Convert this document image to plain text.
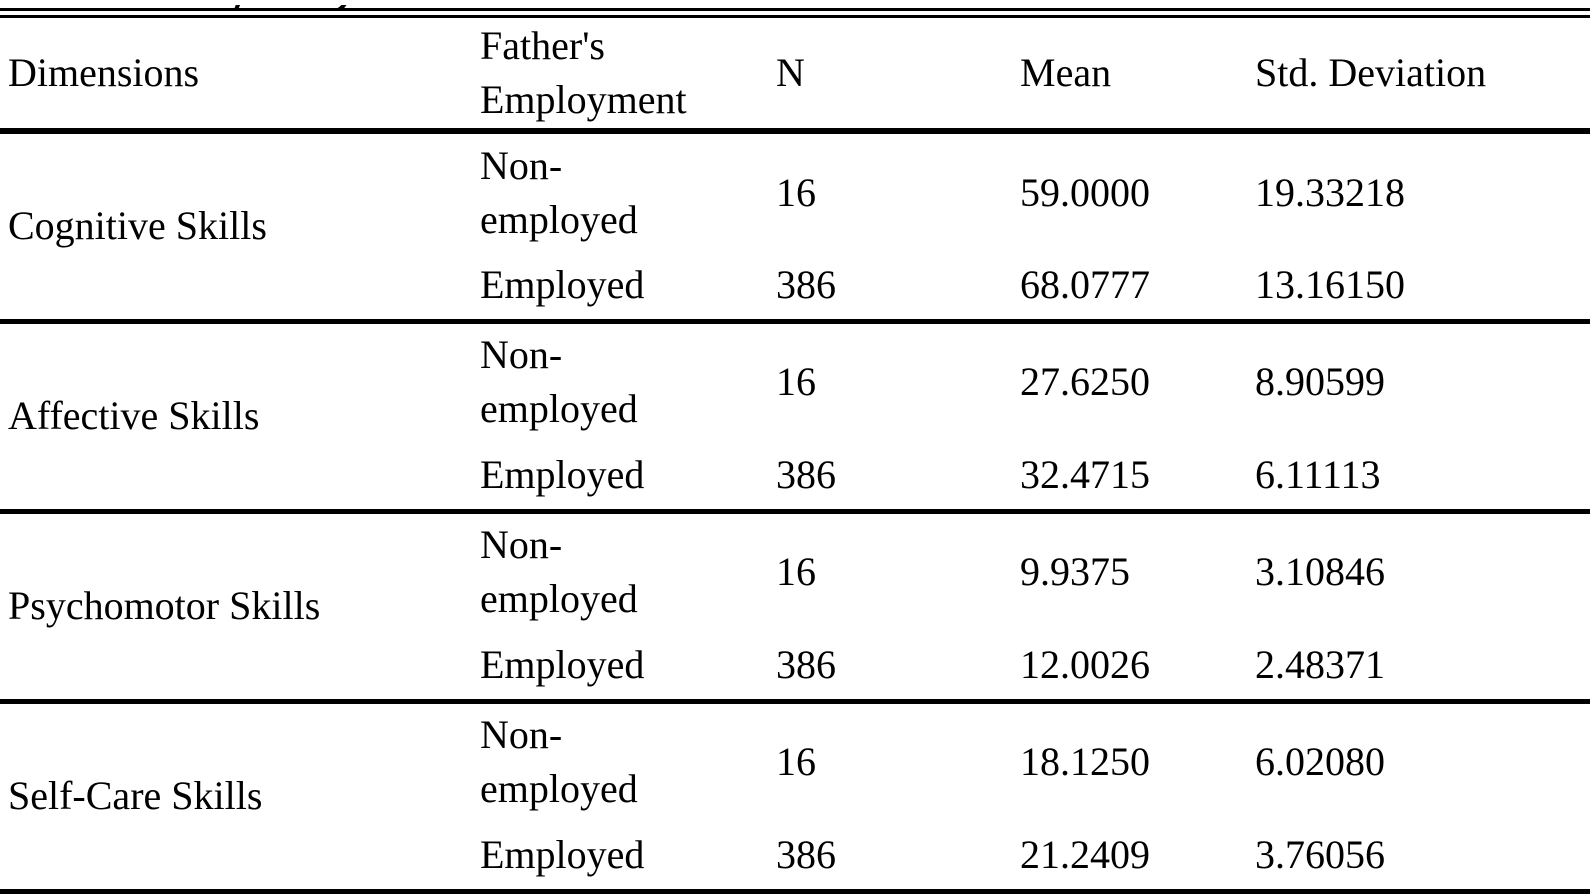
Dimensions	Father's Employment	N	Mean	Std. Deviation
Cognitive Skills	Non-employed	16	59.0000	19.33218
	Employed	386	68.0777	13.16150
Affective Skills	Non-employed	16	27.6250	8.90599
	Employed	386	32.4715	6.11113
Psychomotor Skills	Non-employed	16	9.9375	3.10846
	Employed	386	12.0026	2.48371
Self-Care Skills	Non-employed	16	18.1250	6.02080
	Employed	386	21.2409	3.76056
